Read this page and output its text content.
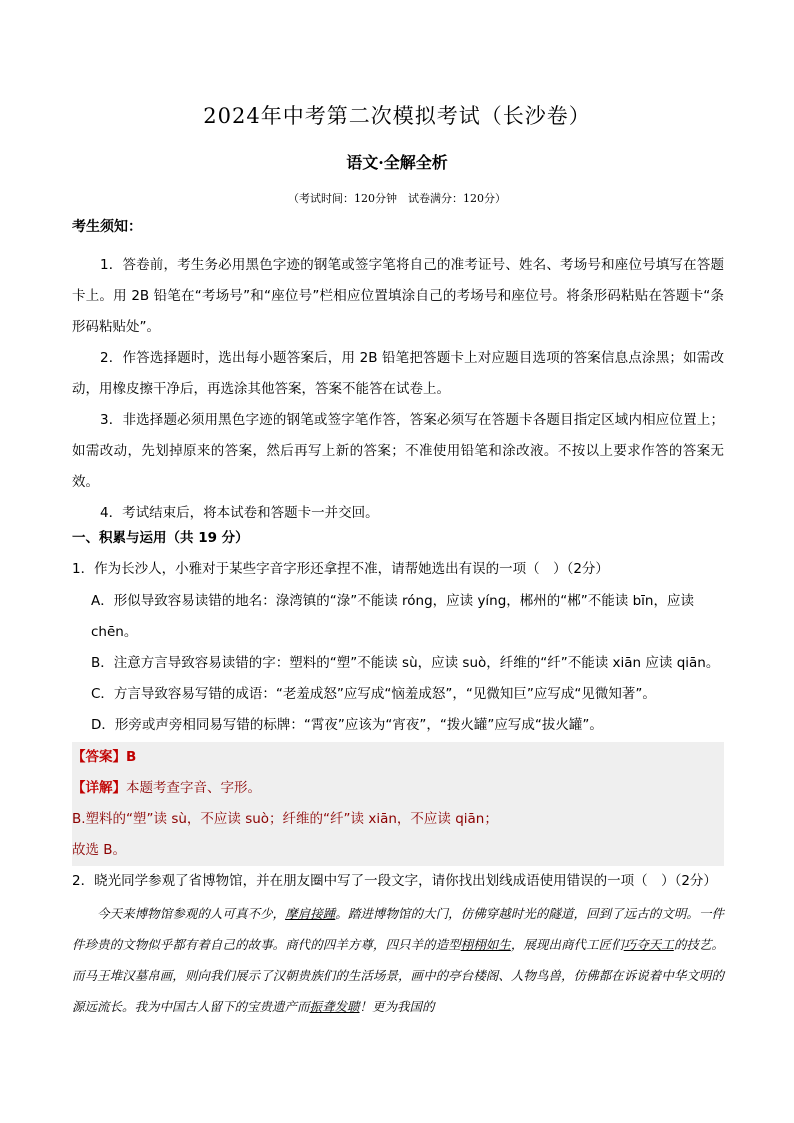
2024年中考第二次模拟考试（长沙卷）
语文·全解全析
（考试时间：120分钟　试卷满分：120分）
考生须知：
1．答卷前，考生务必用黑色字迹的钢笔或签字笔将自己的准考证号、姓名、考场号和座位号填写在答题卡上。用 2B 铅笔在“考场号”和“座位号”栏相应位置填涂自己的考场号和座位号。将条形码粘贴在答题卡“条形码粘贴处”。
2．作答选择题时，选出每小题答案后，用 2B 铅笔把答题卡上对应题目选项的答案信息点涂黑；如需改动，用橡皮擦干净后，再选涂其他答案，答案不能答在试卷上。
3．非选择题必须用黑色字迹的钢笔或签字笔作答，答案必须写在答题卡各题目指定区域内相应位置上；如需改动，先划掉原来的答案，然后再写上新的答案；不准使用铅笔和涂改液。不按以上要求作答的答案无效。
4．考试结束后，将本试卷和答题卡一并交回。
一、积累与运用（共 19 分）
1．作为长沙人，小雅对于某些字音字形还拿捏不准，请帮她选出有误的一项（　）（2分）
A．形似导致容易读错的地名：淥湾镇的“淥”不能读 róng，应读 yíng，郴州的“郴”不能读 bīn，应读 chēn。
B．注意方言导致容易读错的字：塑料的“塑”不能读 sù，应读 suò，纤维的“纤”不能读 xiān 应读 qiān。
C．方言导致容易写错的成语：“老羞成怒”应写成“恼羞成怒”，“见微知巨”应写成“见微知著”。
D．形旁或声旁相同易写错的标牌：“霄夜”应该为“宵夜”，“拨火罐”应写成“拔火罐”。
【答案】B
【详解】本题考查字音、字形。
B.塑料的“塑”读 sù，不应读 suò；纤维的“纤”读 xiān，不应读 qiān；
故选 B。
2．晓光同学参观了省博物馆，并在朋友圈中写了一段文字，请你找出划线成语使用错误的一项（　）（2分）
今天来博物馆参观的人可真不少，摩肩接踵。踏进博物馆的大门，仿佛穿越时光的隧道，回到了远古的文明。一件件珍贵的文物似乎都有着自己的故事。商代的四羊方尊，四只羊的造型栩栩如生，展现出商代工匠们巧夺天工的技艺。而马王堆汉墓帛画，则向我们展示了汉朝贵族们的生活场景，画中的亭台楼阁、人物鸟兽，仿佛都在诉说着中华文明的源远流长。我为中国古人留下的宝贵遗产而振聋发聩！更为我国的
